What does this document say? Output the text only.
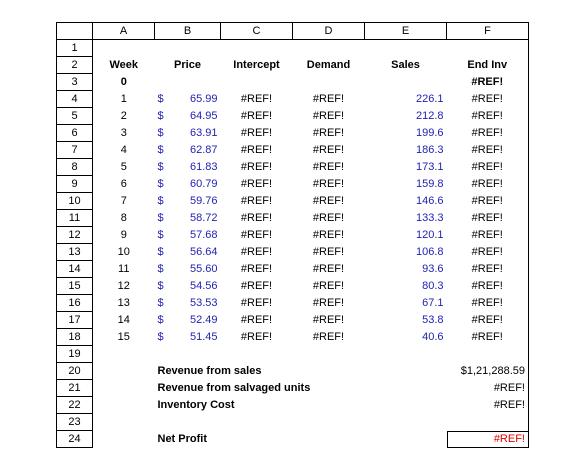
	A	B	C	D	E	F
1						
2	Week	Price	Intercept	Demand	Sales	End Inv
3	0					#REF!
4	1	$ 65.99	#REF!	#REF!	226.1	#REF!
5	2	$ 64.95	#REF!	#REF!	212.8	#REF!
6	3	$ 63.91	#REF!	#REF!	199.6	#REF!
7	4	$ 62.87	#REF!	#REF!	186.3	#REF!
8	5	$ 61.83	#REF!	#REF!	173.1	#REF!
9	6	$ 60.79	#REF!	#REF!	159.8	#REF!
10	7	$ 59.76	#REF!	#REF!	146.6	#REF!
11	8	$ 58.72	#REF!	#REF!	133.3	#REF!
12	9	$ 57.68	#REF!	#REF!	120.1	#REF!
13	10	$ 56.64	#REF!	#REF!	106.8	#REF!
14	11	$ 55.60	#REF!	#REF!	93.6	#REF!
15	12	$ 54.56	#REF!	#REF!	80.3	#REF!
16	13	$ 53.53	#REF!	#REF!	67.1	#REF!
17	14	$ 52.49	#REF!	#REF!	53.8	#REF!
18	15	$ 51.45	#REF!	#REF!	40.6	#REF!
19						
20		Revenue from sales				$1,21,288.59
21		Revenue from salvaged units				#REF!
22		Inventory Cost				#REF!
23						
24		Net Profit				#REF!
